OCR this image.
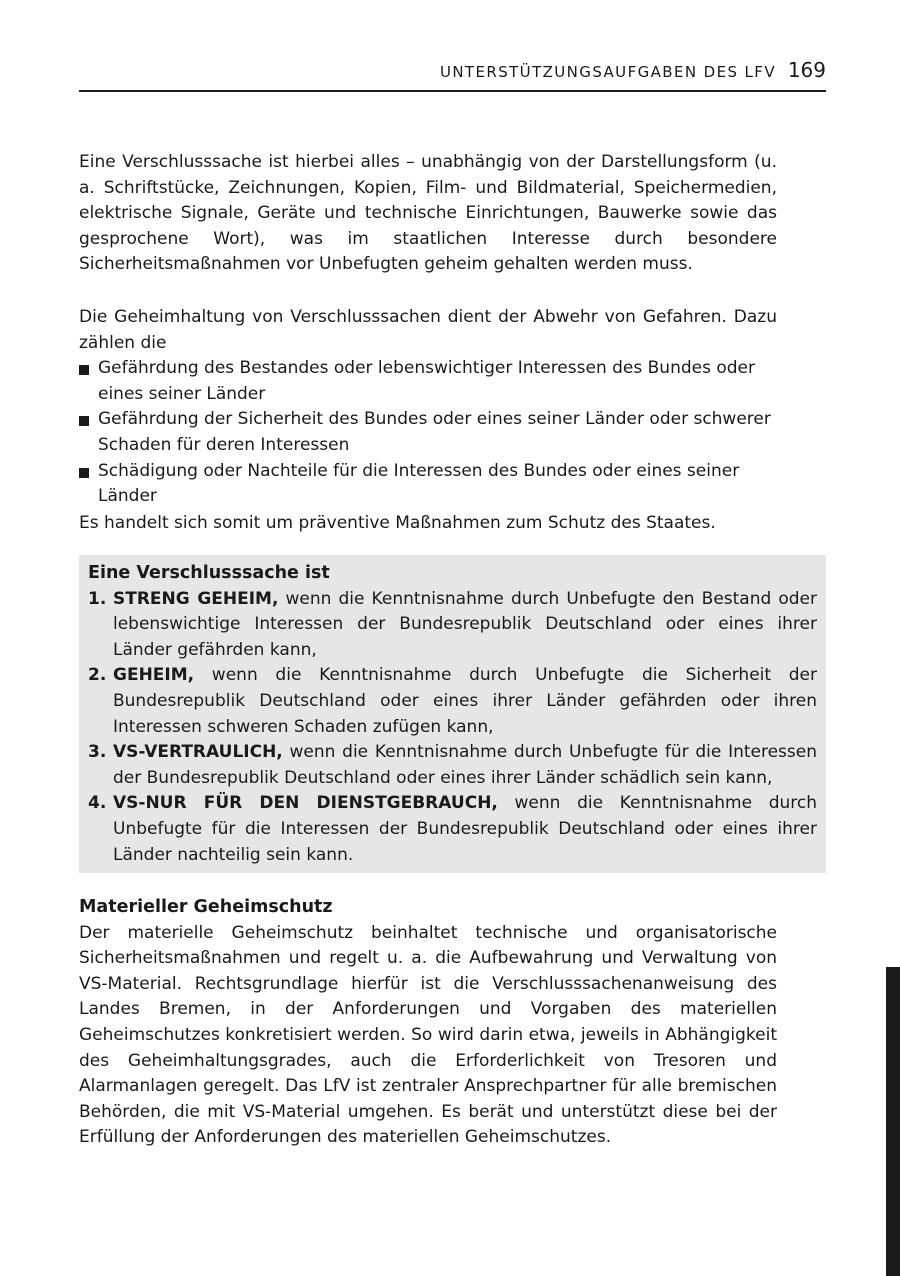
UNTERSTÜTZUNGSAUFGABEN DES LFV 169

Eine Verschlusssache ist hierbei alles – unabhängig von der Darstellungsform (u. a. Schriftstücke, Zeichnungen, Kopien, Film- und Bildmaterial, Speichermedien, elektrische Signale, Geräte und technische Einrichtungen, Bauwerke sowie das gesprochene Wort), was im staatlichen Interesse durch besondere Sicherheitsmaßnahmen vor Unbefugten geheim gehalten werden muss.

Die Geheimhaltung von Verschlusssachen dient der Abwehr von Gefahren. Dazu zählen die

Gefährdung des Bestandes oder lebenswichtiger Interessen des Bundes oder eines seiner Länder
Gefährdung der Sicherheit des Bundes oder eines seiner Länder oder schwerer Schaden für deren Interessen
Schädigung oder Nachteile für die Interessen des Bundes oder eines seiner Länder

Es handelt sich somit um präventive Maßnahmen zum Schutz des Staates.

Eine Verschlusssache ist
1. STRENG GEHEIM, wenn die Kenntnisnahme durch Unbefugte den Bestand oder lebenswichtige Interessen der Bundesrepublik Deutschland oder eines ihrer Länder gefährden kann,
2. GEHEIM, wenn die Kenntnisnahme durch Unbefugte die Sicherheit der Bundesrepublik Deutschland oder eines ihrer Länder gefährden oder ihren Interessen schweren Schaden zufügen kann,
3. VS-VERTRAULICH, wenn die Kenntnisnahme durch Unbefugte für die Interessen der Bundesrepublik Deutschland oder eines ihrer Länder schädlich sein kann,
4. VS-NUR FÜR DEN DIENSTGEBRAUCH, wenn die Kenntnisnahme durch Unbefugte für die Interessen der Bundesrepublik Deutschland oder eines ihrer Länder nachteilig sein kann.
Materieller Geheimschutz

Der materielle Geheimschutz beinhaltet technische und organisatorische Sicherheitsmaßnahmen und regelt u. a. die Aufbewahrung und Verwaltung von VS-Material. Rechtsgrundlage hierfür ist die Verschlusssachenanweisung des Landes Bremen, in der Anforderungen und Vorgaben des materiellen Geheimschutzes konkretisiert werden. So wird darin etwa, jeweils in Abhängigkeit des Geheimhaltungsgrades, auch die Erforderlichkeit von Tresoren und Alarmanlagen geregelt. Das LfV ist zentraler Ansprechpartner für alle bremischen Behörden, die mit VS-Material umgehen. Es berät und unterstützt diese bei der Erfüllung der Anforderungen des materiellen Geheimschutzes.
